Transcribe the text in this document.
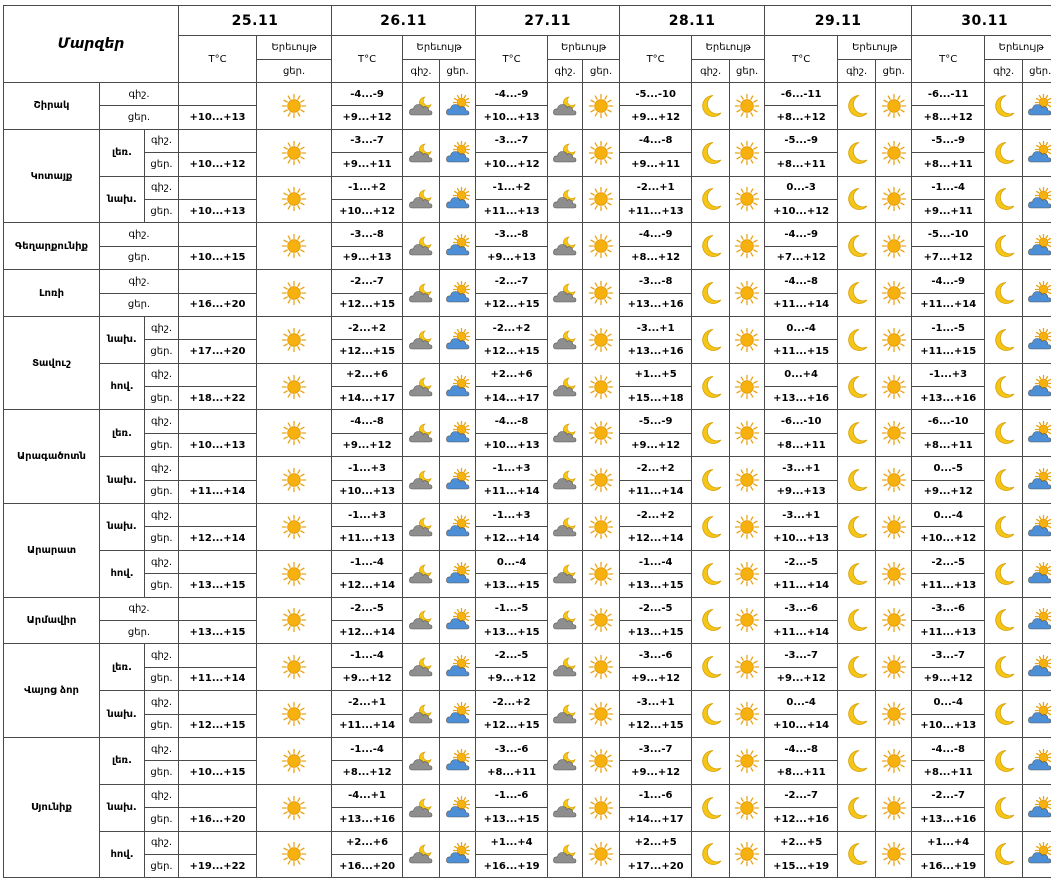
Մարզեր			25.11		26.11			27.11			28.11			29.11			30.11		
			T°C	Երեւույթ	T°C	Երեւույթ		T°C	Երեւույթ		T°C	Երեւույթ		T°C	Երեւույթ		T°C	Երեւույթ	
				ցեր.		գիշ.	ցեր.		գիշ.	ցեր.		գիշ.	ցեր.		գիշ.	ցեր.		գիշ.	ցեր.
Շիրակ	գիշ.				-4...-9			-4...-9			-5...-10			-6...-11			-6...-11	

	ցեր.		+10...+13		+9...+12			+10...+13			+9...+12			+8...+12			+8...+12		
Կոտայք	լեռ.	գիշ.			-3...-7			-3...-7			-4...-8			-5...-9			-5...-9	

		ցեր.	+10...+12		+9...+11			+10...+12			+9...+11			+8...+11			+8...+11		
	նախ.	գիշ.			-1...+2			-1...+2			-2...+1			0...-3			-1...-4	

		ցեր.	+10...+13		+10...+12			+11...+13			+11...+13			+10...+12			+9...+11		
Գեղարքունիք	գիշ.				-3...-8			-3...-8			-4...-9			-4...-9			-5...-10	

	ցեր.		+10...+15		+9...+13			+9...+13			+8...+12			+7...+12			+7...+12		
Լոռի	գիշ.				-2...-7			-2...-7			-3...-8			-4...-8			-4...-9	

	ցեր.		+16...+20		+12...+15			+12...+15			+13...+16			+11...+14			+11...+14		
Տավուշ	նախ.	գիշ.			-2...+2			-2...+2			-3...+1			0...-4			-1...-5	

		ցեր.	+17...+20		+12...+15			+12...+15			+13...+16			+11...+15			+11...+15		
	հով.	գիշ.			+2...+6			+2...+6			+1...+5			0...+4			-1...+3	

		ցեր.	+18...+22		+14...+17			+14...+17			+15...+18			+13...+16			+13...+16		
Արագածոտն	լեռ.	գիշ.			-4...-8			-4...-8			-5...-9			-6...-10			-6...-10	

		ցեր.	+10...+13		+9...+12			+10...+13			+9...+12			+8...+11			+8...+11		
	նախ.	գիշ.			-1...+3			-1...+3			-2...+2			-3...+1			0...-5	

		ցեր.	+11...+14		+10...+13			+11...+14			+11...+14			+9...+13			+9...+12		
Արարատ	նախ.	գիշ.			-1...+3			-1...+3			-2...+2			-3...+1			0...-4	

		ցեր.	+12...+14		+11...+13			+12...+14			+12...+14			+10...+13			+10...+12		
	հով.	գիշ.			-1...-4			0...-4			-1...-4			-2...-5			-2...-5	

		ցեր.	+13...+15		+12...+14			+13...+15			+13...+15			+11...+14			+11...+13		
Արմավիր	գիշ.				-2...-5			-1...-5			-2...-5			-3...-6			-3...-6	

	ցեր.		+13...+15		+12...+14			+13...+15			+13...+15			+11...+14			+11...+13		
Վայոց ձոր	լեռ.	գիշ.			-1...-4			-2...-5			-3...-6			-3...-7			-3...-7	

		ցեր.	+11...+14		+9...+12			+9...+12			+9...+12			+9...+12			+9...+12		
	նախ.	գիշ.			-2...+1			-2...+2			-3...+1			0...-4			0...-4	

		ցեր.	+12...+15		+11...+14			+12...+15			+12...+15			+10...+14			+10...+13		
Սյունիք	լեռ.	գիշ.			-1...-4			-3...-6			-3...-7			-4...-8			-4...-8	

		ցեր.	+10...+15		+8...+12			+8...+11			+9...+12			+8...+11			+8...+11		
	նախ.	գիշ.			-4...+1			-1...-6			-1...-6			-2...-7			-2...-7	

		ցեր.	+16...+20		+13...+16			+13...+15			+14...+17			+12...+16			+13...+16		
	հով.	գիշ.			+2...+6			+1...+4			+2...+5			+2...+5			+1...+4	

		ցեր.	+19...+22		+16...+20			+16...+19			+17...+20			+15...+19			+16...+19		
